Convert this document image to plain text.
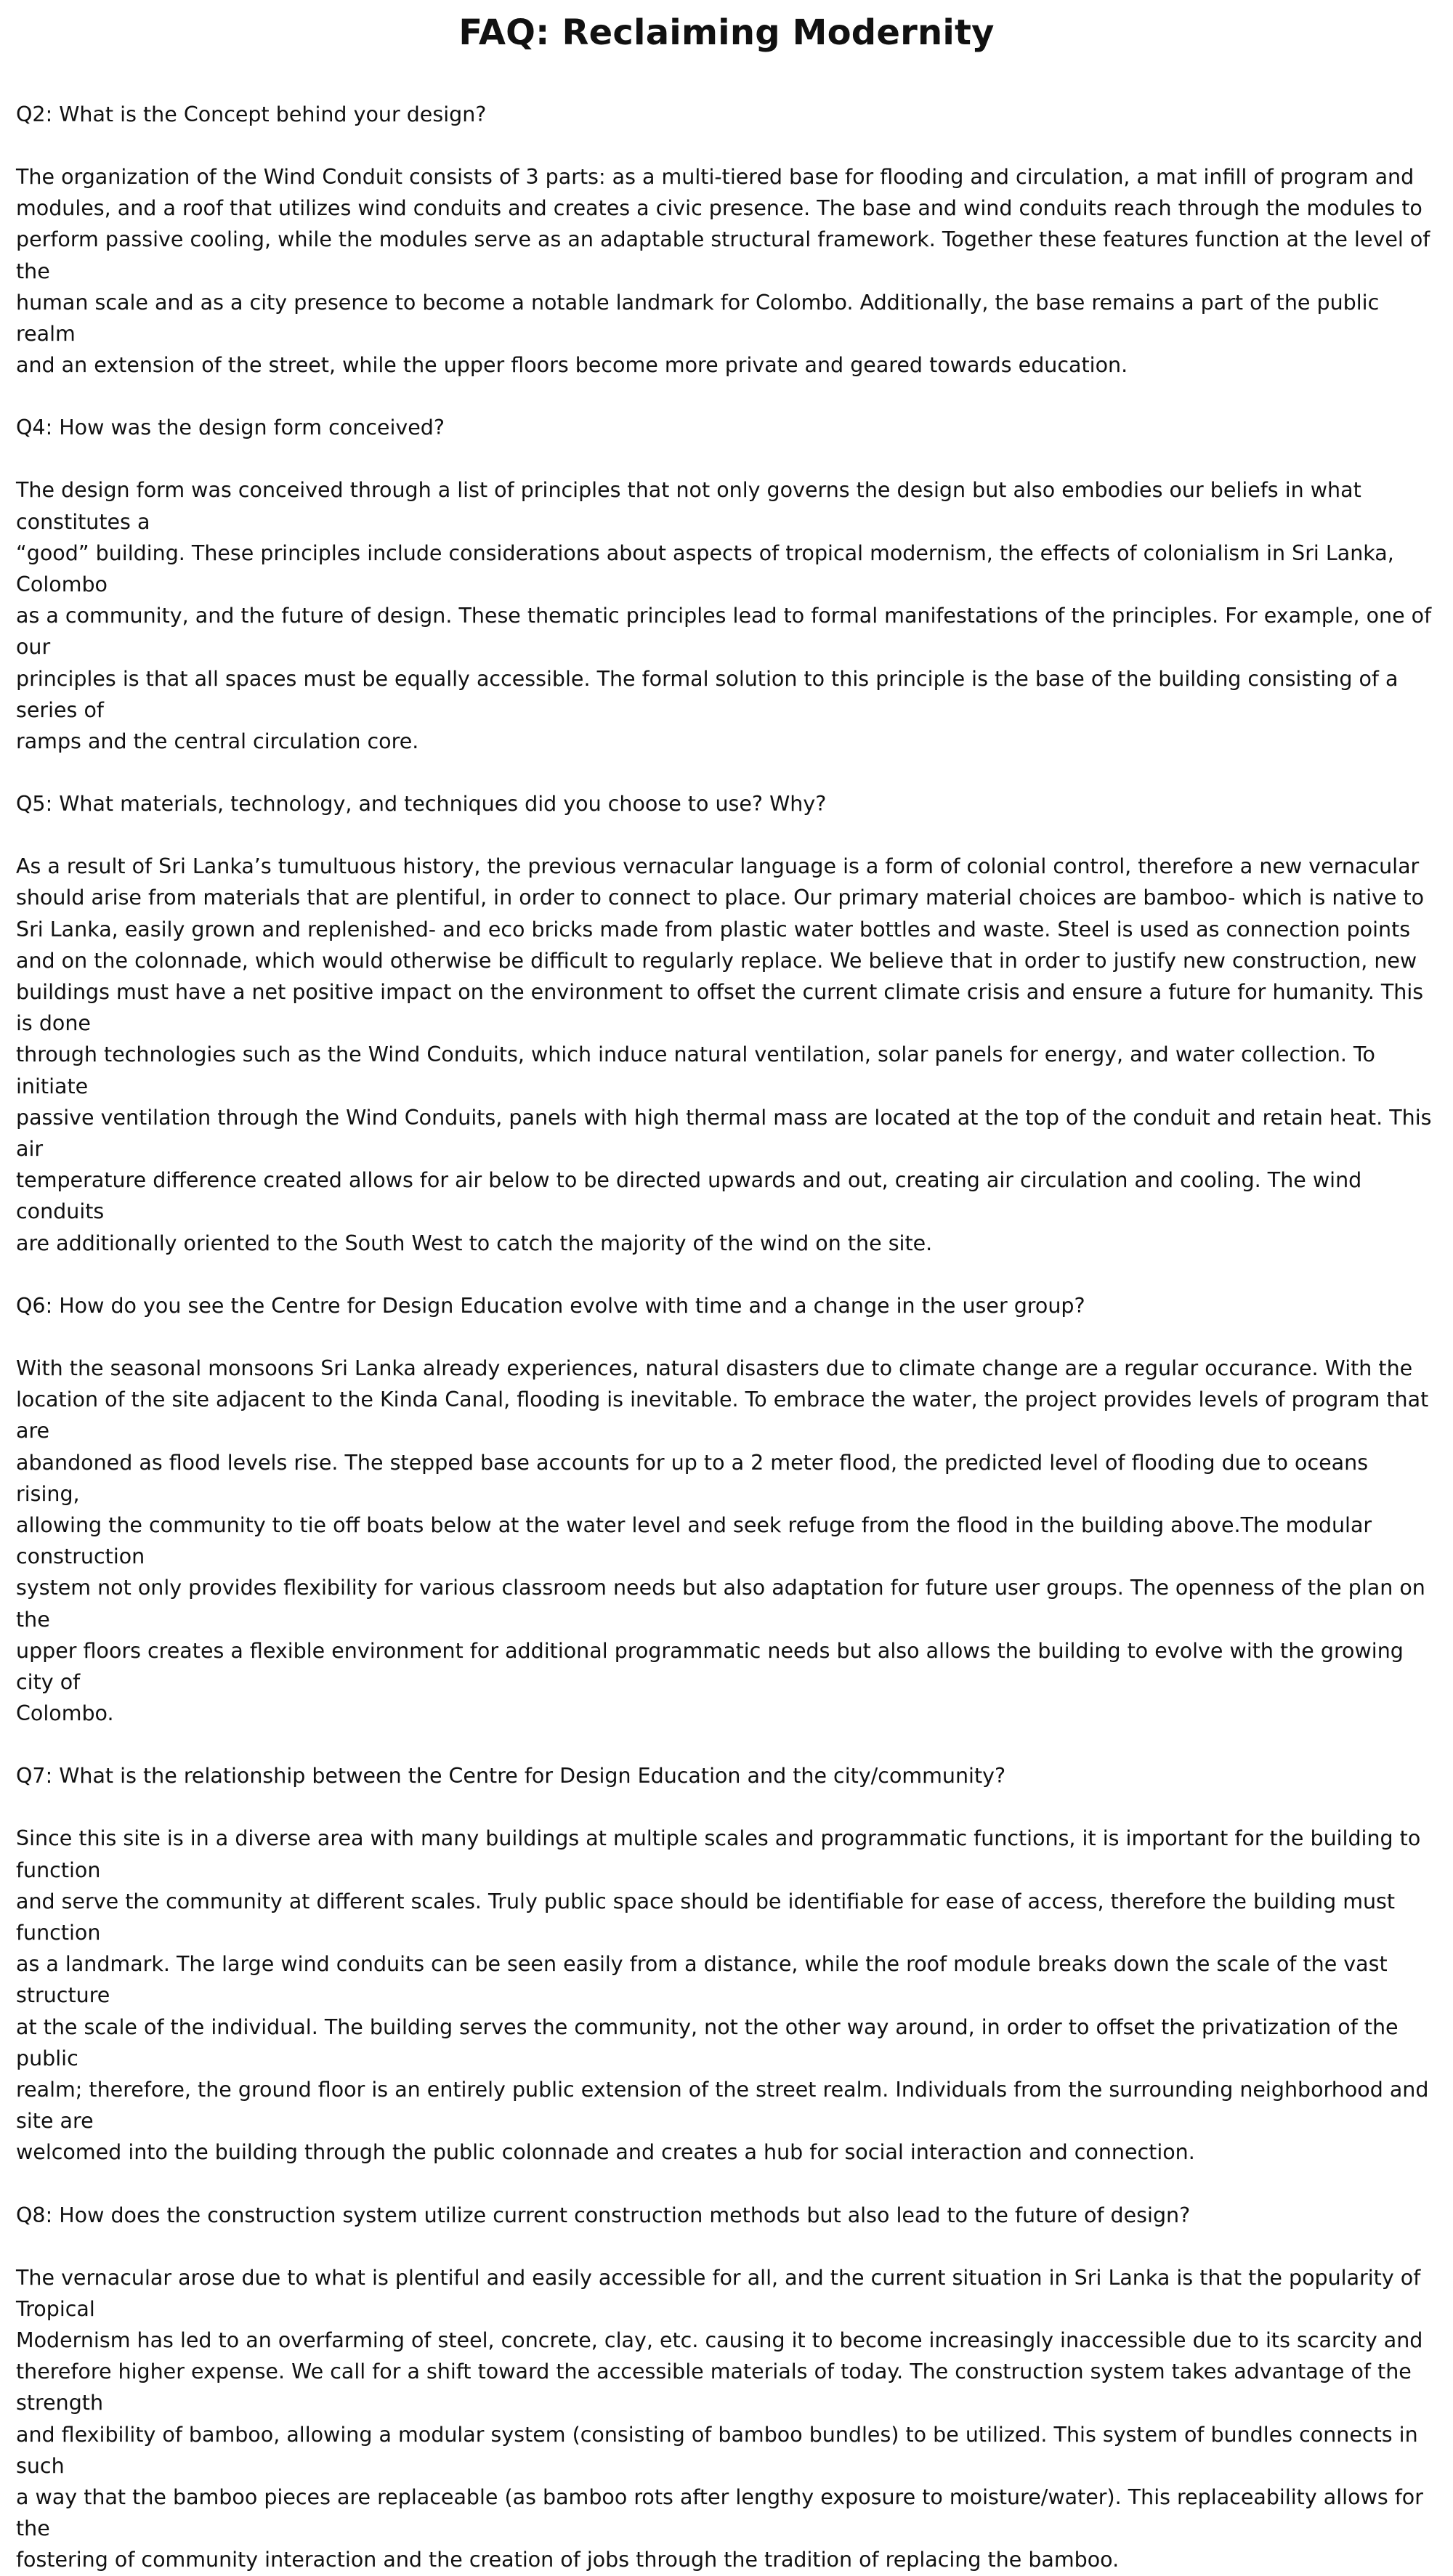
FAQ: Reclaiming Modernity

Q2: What is the Concept behind your design?

The organization of the Wind Conduit consists of 3 parts: as a multi-tiered base for flooding and circulation, a mat infill of program and
modules, and a roof that utilizes wind conduits and creates a civic presence. The base and wind conduits reach through the modules to
perform passive cooling, while the modules serve as an adaptable structural framework. Together these features function at the level of the
human scale and as a city presence to become a notable landmark for Colombo. Additionally, the base remains a part of the public realm
and an extension of the street, while the upper floors become more private and geared towards education.

Q4: How was the design form conceived?

The design form was conceived through a list of principles that not only governs the design but also embodies our beliefs in what constitutes a
“good” building. These principles include considerations about aspects of tropical modernism, the effects of colonialism in Sri Lanka, Colombo
as a community, and the future of design. These thematic principles lead to formal manifestations of the principles. For example, one of our
principles is that all spaces must be equally accessible. The formal solution to this principle is the base of the building consisting of a series of
ramps and the central circulation core.

Q5: What materials, technology, and techniques did you choose to use? Why?

As a result of Sri Lanka’s tumultuous history, the previous vernacular language is a form of colonial control, therefore a new vernacular
should arise from materials that are plentiful, in order to connect to place. Our primary material choices are bamboo- which is native to
Sri Lanka, easily grown and replenished- and eco bricks made from plastic water bottles and waste. Steel is used as connection points
and on the colonnade, which would otherwise be difficult to regularly replace. We believe that in order to justify new construction, new
buildings must have a net positive impact on the environment to offset the current climate crisis and ensure a future for humanity. This is done
through technologies such as the Wind Conduits, which induce natural ventilation, solar panels for energy, and water collection. To initiate
passive ventilation through the Wind Conduits, panels with high thermal mass are located at the top of the conduit and retain heat. This air
temperature difference created allows for air below to be directed upwards and out, creating air circulation and cooling. The wind conduits
are additionally oriented to the South West to catch the majority of the wind on the site.

Q6: How do you see the Centre for Design Education evolve with time and a change in the user group?

With the seasonal monsoons Sri Lanka already experiences, natural disasters due to climate change are a regular occurance. With the
location of the site adjacent to the Kinda Canal, flooding is inevitable. To embrace the water, the project provides levels of program that are
abandoned as flood levels rise. The stepped base accounts for up to a 2 meter flood, the predicted level of flooding due to oceans rising,
allowing the community to tie off boats below at the water level and seek refuge from the flood in the building above.The modular construction
system not only provides flexibility for various classroom needs but also adaptation for future user groups. The openness of the plan on the
upper floors creates a flexible environment for additional programmatic needs but also allows the building to evolve with the growing city of
Colombo.

Q7: What is the relationship between the Centre for Design Education and the city/community?

Since this site is in a diverse area with many buildings at multiple scales and programmatic functions, it is important for the building to function
and serve the community at different scales. Truly public space should be identifiable for ease of access, therefore the building must function
as a landmark. The large wind conduits can be seen easily from a distance, while the roof module breaks down the scale of the vast structure
at the scale of the individual. The building serves the community, not the other way around, in order to offset the privatization of the public
realm; therefore, the ground floor is an entirely public extension of the street realm. Individuals from the surrounding neighborhood and site are
welcomed into the building through the public colonnade and creates a hub for social interaction and connection.

Q8: How does the construction system utilize current construction methods but also lead to the future of design?

The vernacular arose due to what is plentiful and easily accessible for all, and the current situation in Sri Lanka is that the popularity of Tropical
Modernism has led to an overfarming of steel, concrete, clay, etc. causing it to become increasingly inaccessible due to its scarcity and
therefore higher expense. We call for a shift toward the accessible materials of today. The construction system takes advantage of the strength
and flexibility of bamboo, allowing a modular system (consisting of bamboo bundles) to be utilized. This system of bundles connects in such
a way that the bamboo pieces are replaceable (as bamboo rots after lengthy exposure to moisture/water). This replaceability allows for the
fostering of community interaction and the creation of jobs through the tradition of replacing the bamboo.
